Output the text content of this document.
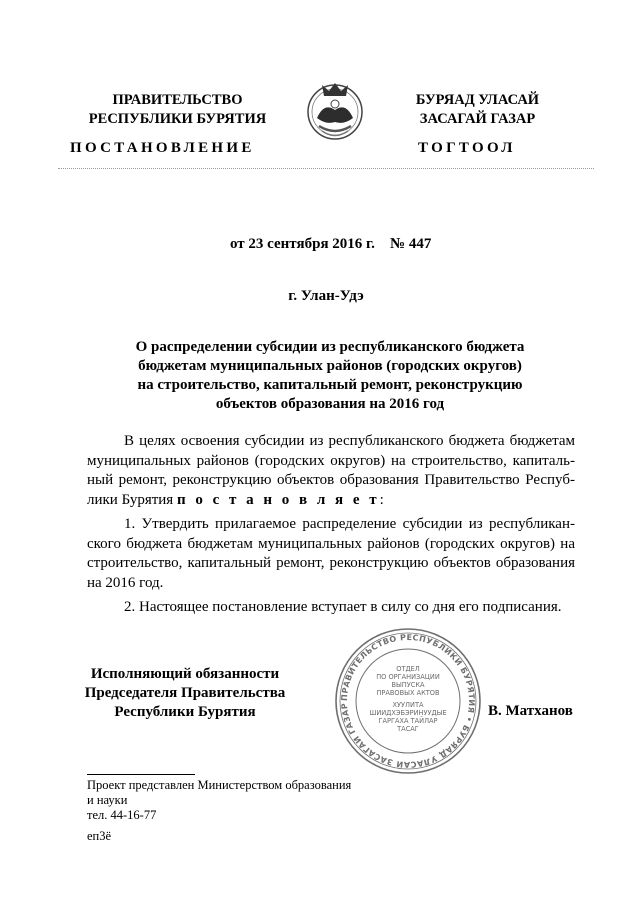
ПРАВИТЕЛЬСТВО
РЕСПУБЛИКИ БУРЯТИЯ
БУРЯАД УЛАСАЙ
ЗАСАГАЙ ГАЗАР
ПОСТАНОВЛЕНИЕ	ТОГТООЛ
от 23 сентября 2016 г. № 447
г. Улан-Удэ
О распределении субсидии из республиканского бюджета
бюджетам муниципальных районов (городских округов)
на строительство, капитальный ремонт, реконструкцию
объектов образования на 2016 год
В целях освоения субсидии из республиканского бюджета бюджетам муниципальных районов (городских округов) на строительство, капиталь-ный ремонт, реконструкцию объектов образования Правительство Респуб-лики Бурятия п о с т а н о в л я е т:
1. Утвердить прилагаемое распределение субсидии из республикан-ского бюджета бюджетам муниципальных районов (городских округов) на строительство, капитальный ремонт, реконструкцию объектов образования на 2016 год.
2. Настоящее постановление вступает в силу со дня его подписания.
Исполняющий обязанности
Председателя Правительства
Республики Бурятия
ПРАВИТЕЛЬСТВО РЕСПУБЛИКИ БУРЯТИЯ • БУРЯАД УЛАСАЙ ЗАСАГАЙ ГАЗАР
ОТДЕЛ
ПО ОРГАНИЗАЦИИ
ВЫПУСКА
ПРАВОВЫХ АКТОВ
ХУУЛИТА
ШИИДХЭБЭРИНУУДЫЕ
ГАРГАХА ТАЙЛАР
ТАСАГ
В. Матханов
Проект представлен Министерством образования
и науки
тел. 44-16-77
еп3ё
